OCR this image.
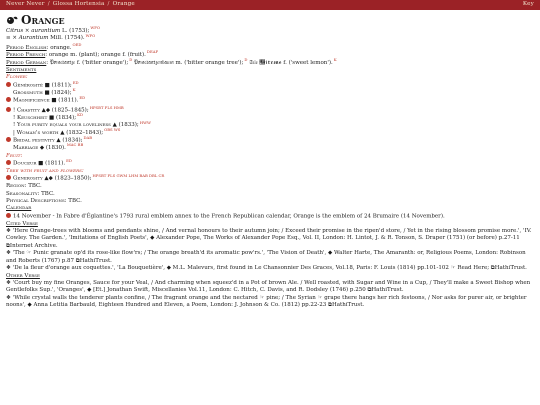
Never Never / Glossa Hortensia / Orange	Key
Orange
Citrus × aurantium L. (1753);$^{WFO}$
≡ × Aurantium Mill. (1754).$^{WFO}$
Period English: orange.$^{OED}$
Period French: orange m. (plant); orange f. (fruit).$^{DEAF}$
Period German: 𝔓𝔬𝔪𝔢𝔯𝔞𝔫𝔱𝔷𝔢 f. ('bitter orange');$^D$ 𝔓𝔬𝔪𝔢𝔯𝔞𝔫𝔱𝔷𝔢𝔫𝔟𝔞𝔲𝔪 m. ('bitter orange tree');$^D$ 𝔖𝔲̈𝔢 𝔆𝔦𝔱𝔯𝔬𝔫𝔢 f. ('sweet lemon').$^K$
Sentiments
Flower:
Générosité ■ (1811);$^{ED}$
Grossmuth ■ (1824);$^K$
Magnificence ■ (1811).$^{ED}$
! Chastity ▲◆ (1825–1845);$^{HPSBT FLS HMB}$
! Keuschheit ■ (1834);$^{KD}$
! Your purity equals your loveliness ▲ (1833);$^{HWW}$
| Woman's worth ▲ (1832–1843);$^{OBS WS}$
Bridal festivity ▲ (1834);$^{DAB}$
Marriage ◆ (1830).$^{MAC BB}$
Fruit:
Douceur ■ (1811).$^{ED}$
Tree with fruit and flowers:
Generosity ▲◆ (1823–1850);$^{HPSBT FLS GWM LHM BAB DBL CR}$
Region: TBC.
Seasonality: TBC.
Physical Descriptions: TBC.
Calendar
14 November - In Fabre d'Églantine's 1793 rural emblem annex to the French Republican calendar, Orange is the emblem of 24 Brumaire (14 November).
Cited Verse
❖ 'Here Orange-trees with blooms and pendants shine, / And vernal honours to their autumn join; / Exceed their promise in the ripen'd store, / Yet in the rising blossom promise more.', 'IV. Cowley. The Garden.', 'Imitations of English Poets', ◆ Alexander Pope, The Works of Alexander Pope Esq., Vol. II, London: H. Lintot, J. & R. Tonson, S. Draper (1751) (or before) p.27-11 ⧉Internet Archive.
❖ 'The ☞ Punic granate op'd its rose-like flow'rs; / The orange breath'd its aromatic pow'rs.', 'The Vision of Death', ◆ Walter Harte, The Amaranth: or, Religious Poems, London: Robinson and Roberts (1767) p.87 ⧉HathiTrust.
❖ 'De la fleur d'orange aux coquettes.', 'La Bouquetière', ◆ M.L. Malevurs, first found in Le Chansonnier Des Graces, Vol.18, Paris: F. Louis (1814) pp.101-102 ☞ Read Here; ⧉HathiTrust.
Other Verse
❖ 'Court buy my fine Oranges, Sauce for your Veal, / And charming when squeez'd in a Pot of brown Ale. / Well roasted, with Sugar and Wine in a Cup, / They'll make a Sweet Bishop when Gentlefolks Sup.', 'Oranges', ◆ [Et.] Jonathan Swift, Miscellanies Vol.11, London: C. Hitch, C. Davis, and R. Dodsley (1746) p.250 ⧉HathiTrust.
❖ 'While crystal walls the tenderer plants confine, / The fragrant orange and the nectared ☞ pine; / The Syrian ☞ grape there hangs her rich festoons, / Nor asks for purer air, or brighter noons', ◆ Anna Letitia Barbauld, Eighteen Hundred and Eleven, a Poem, London: J. Johnson & Co. (1812) pp.22-23 ⧉HathiTrust.
